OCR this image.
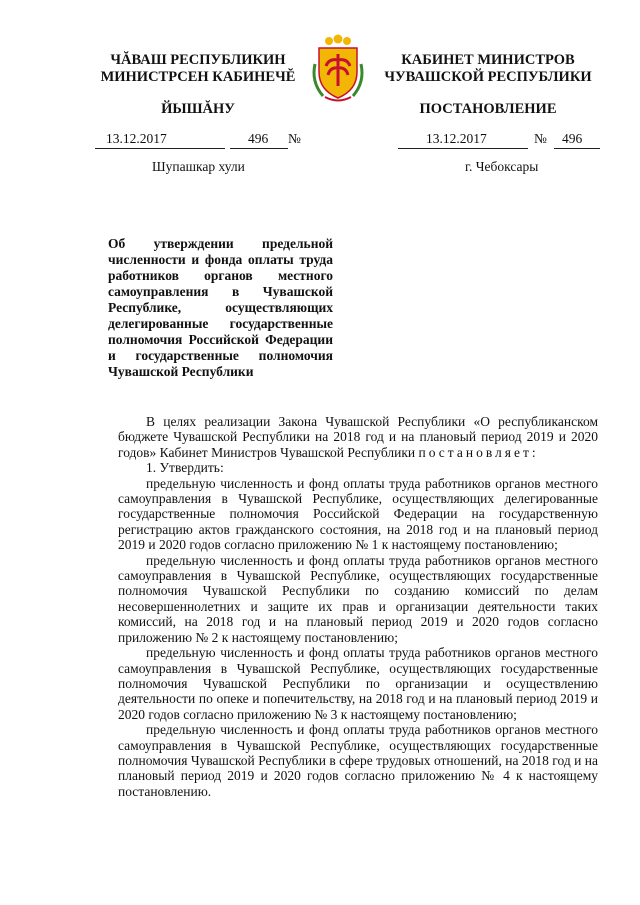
ЧĂВАШ РЕСПУБЛИКИН
МИНИСТРСЕН КАБИНЕЧĔ
ЙЫШĂНУ
КАБИНЕТ МИНИСТРОВ
ЧУВАШСКОЙ РЕСПУБЛИКИ
ПОСТАНОВЛЕНИЕ
13.12.2017	496 №	13.12.2017	№ 496
Шупашкар хули	г. Чебоксары
Об утверждении предельной численности и фонда оплаты труда работников органов местного самоуправления в Чувашской Республике, осуществляющих делегированные государственные полномочия Российской Федерации и государственные полномочия Чувашской Республики

В целях реализации Закона Чувашской Республики «О республиканском бюджете Чувашской Республики на 2018 год и на плановый период 2019 и 2020 годов» Кабинет Министров Чувашской Республики постановляет:

1. Утвердить:

предельную численность и фонд оплаты труда работников органов местного самоуправления в Чувашской Республике, осуществляющих делегированные государственные полномочия Российской Федерации на государственную регистрацию актов гражданского состояния, на 2018 год и на плановый период 2019 и 2020 годов согласно приложению № 1 к настоящему постановлению;

предельную численность и фонд оплаты труда работников органов местного самоуправления в Чувашской Республике, осуществляющих государственные полномочия Чувашской Республики по созданию комиссий по делам несовершеннолетних и защите их прав и организации деятельности таких комиссий, на 2018 год и на плановый период 2019 и 2020 годов согласно приложению № 2 к настоящему постановлению;

предельную численность и фонд оплаты труда работников органов местного самоуправления в Чувашской Республике, осуществляющих государственные полномочия Чувашской Республики по организации и осуществлению деятельности по опеке и попечительству, на 2018 год и на плановый период 2019 и 2020 годов согласно приложению № 3 к настоящему постановлению;

предельную численность и фонд оплаты труда работников органов местного самоуправления в Чувашской Республике, осуществляющих государственные полномочия Чувашской Республики в сфере трудовых отношений, на 2018 год и на плановый период 2019 и 2020 годов согласно приложению № 4 к настоящему постановлению.
